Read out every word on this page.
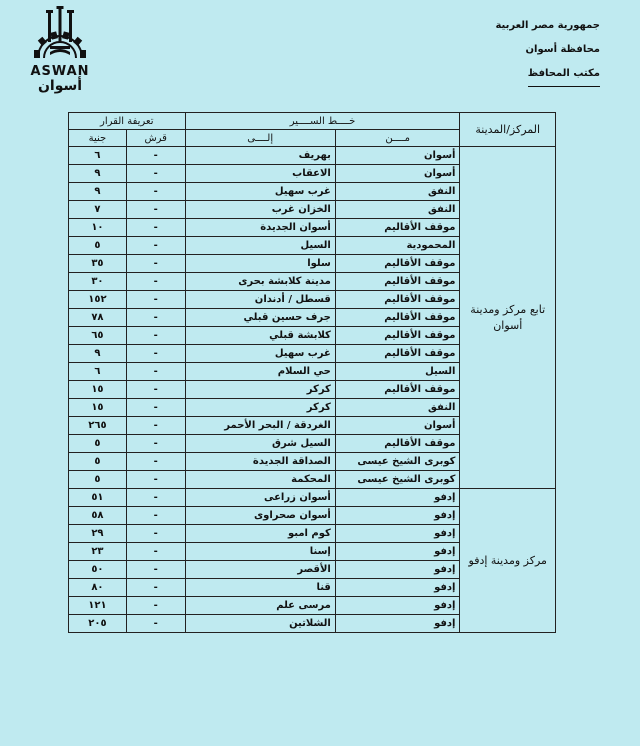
ASWAN
أسوان
جمهورية مصر العربية
محافظة أسوان
مكتب المحافظ
المركز/المدينة	خــــط الســــير		تعريفة القرار	
	مــــن	إلــــى	قرش	جنية
تابع مركز ومدينة أسوان	أسوان	بهريف	-	٦
	أسوان	الاعقاب	-	٩
	النفق	غرب سهيل	-	٩
	النفق	الخزان غرب	-	٧
	موقف الأقاليم	أسوان الجديدة	-	١٠
	المحمودية	السيل	-	٥
	موقف الأقاليم	سلوا	-	٣٥
	موقف الأقاليم	مدينة كلابشة بحرى	-	٣٠
	موقف الأقاليم	قسطل / أدندان	-	١٥٢
	موقف الأقاليم	جرف حسين قبلي	-	٧٨
	موقف الأقاليم	كلابشة قبلي	-	٦٥
	موقف الأقاليم	غرب سهيل	-	٩
	السيل	حي السلام	-	٦
	موقف الأقاليم	كركر	-	١٥
	النفق	كركر	-	١٥
	أسوان	الغردقة / البحر الأحمر	-	٢٦٥
	موقف الأقاليم	السيل شرق	-	٥
	كوبرى الشيخ عيسى	الصداقة الجديدة	-	٥
	كوبرى الشيخ عيسى	المحكمة	-	٥
مركز ومدينة إدفو	إدفو	أسوان زراعى	-	٥١
	إدفو	أسوان صحراوى	-	٥٨
	إدفو	كوم امبو	-	٢٩
	إدفو	إسنا	-	٢٣
	إدفو	الأقصر	-	٥٠
	إدفو	قنا	-	٨٠
	إدفو	مرسى علم	-	١٢١
	إدفو	الشلاتين	-	٢٠٥
